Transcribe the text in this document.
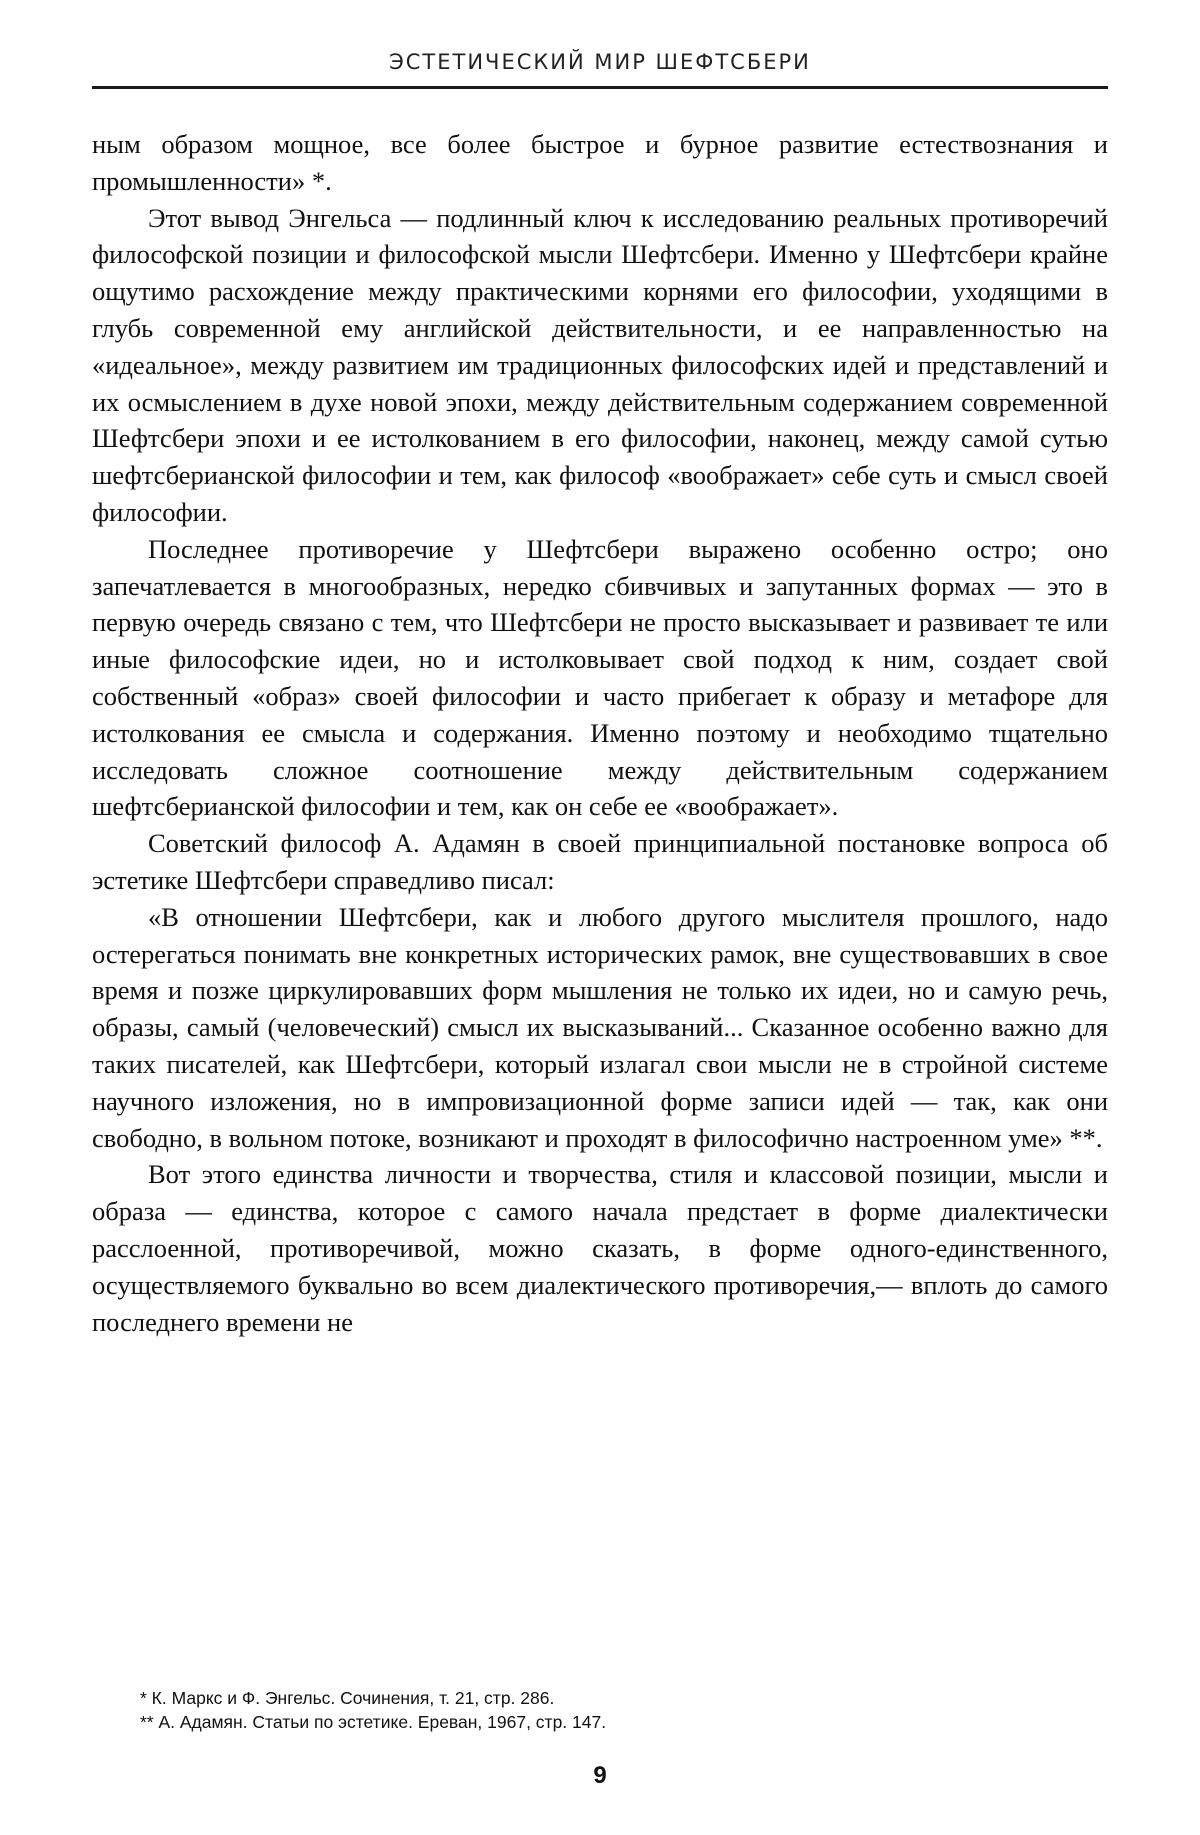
ЭСТЕТИЧЕСКИЙ МИР ШЕФТСБЕРИ

ным образом мощное, все более быстрое и бурное развитие естествознания и промышленности» *.

Этот вывод Энгельса — подлинный ключ к исследованию реальных противоречий философской позиции и философской мысли Шефтсбери. Именно у Шефтсбери крайне ощутимо расхождение между практическими корнями его философии, уходящими в глубь современной ему английской действительности, и ее направленностью на «идеальное», между развитием им традиционных философских идей и представлений и их осмыслением в духе новой эпохи, между действительным содержанием современной Шефтсбери эпохи и ее истолкованием в его философии, наконец, между самой сутью шефтсберианской философии и тем, как философ «воображает» себе суть и смысл своей философии.

Последнее противоречие у Шефтсбери выражено особенно остро; оно запечатлевается в многообразных, нередко сбивчивых и запутанных формах — это в первую очередь связано с тем, что Шефтсбери не просто высказывает и развивает те или иные философские идеи, но и истолковывает свой подход к ним, создает свой собственный «образ» своей философии и часто прибегает к образу и метафоре для истолкования ее смысла и содержания. Именно поэтому и необходимо тщательно исследовать сложное соотношение между действительным содержанием шефтсберианской философии и тем, как он себе ее «воображает».

Советский философ А. Адамян в своей принципиальной постановке вопроса об эстетике Шефтсбери справедливо писал:

«В отношении Шефтсбери, как и любого другого мыслителя прошлого, надо остерегаться понимать вне конкретных исторических рамок, вне существовавших в свое время и позже циркулировавших форм мышления не только их идеи, но и самую речь, образы, самый (человеческий) смысл их высказываний... Сказанное особенно важно для таких писателей, как Шефтсбери, который излагал свои мысли не в стройной системе научного изложения, но в импровизационной форме записи идей — так, как они свободно, в вольном потоке, возникают и проходят в философично настроенном уме» **.

Вот этого единства личности и творчества, стиля и классовой позиции, мысли и образа — единства, которое с самого начала предстает в форме диалектически расслоенной, противоречивой, можно сказать, в форме одного-единственного, осуществляемого буквально во всем диалектического противоречия,— вплоть до самого последнего времени не

* К. Маркс и Ф. Энгельс. Сочинения, т. 21, стр. 286.

** А. Адамян. Статьи по эстетике. Ереван, 1967, стр. 147.

9
